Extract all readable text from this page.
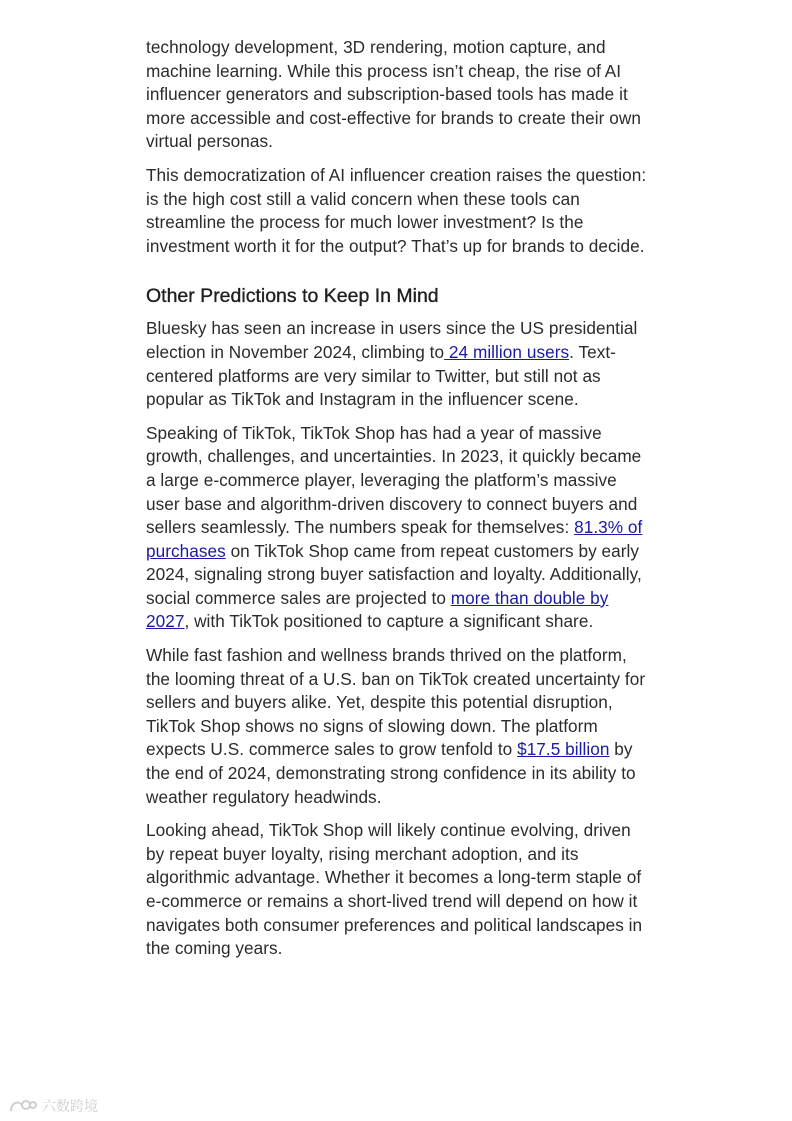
technology development, 3D rendering, motion capture, and machine learning. While this process isn’t cheap, the rise of AI influencer generators and subscription-based tools has made it more accessible and cost-effective for brands to create their own virtual personas.

This democratization of AI influencer creation raises the question: is the high cost still a valid concern when these tools can streamline the process for much lower investment? Is the investment worth it for the output? That’s up for brands to decide.

Other Predictions to Keep In Mind

Bluesky has seen an increase in users since the US presidential election in November 2024, climbing to 24 million users. Text-centered platforms are very similar to Twitter, but still not as popular as TikTok and Instagram in the influencer scene.

Speaking of TikTok, TikTok Shop has had a year of massive growth, challenges, and uncertainties. In 2023, it quickly became a large e-commerce player, leveraging the platform’s massive user base and algorithm-driven discovery to connect buyers and sellers seamlessly. The numbers speak for themselves: 81.3% of purchases on TikTok Shop came from repeat customers by early 2024, signaling strong buyer satisfaction and loyalty. Additionally, social commerce sales are projected to more than double by 2027, with TikTok positioned to capture a significant share.

While fast fashion and wellness brands thrived on the platform, the looming threat of a U.S. ban on TikTok created uncertainty for sellers and buyers alike. Yet, despite this potential disruption, TikTok Shop shows no signs of slowing down. The platform expects U.S. commerce sales to grow tenfold to $17.5 billion by the end of 2024, demonstrating strong confidence in its ability to weather regulatory headwinds.

Looking ahead, TikTok Shop will likely continue evolving, driven by repeat buyer loyalty, rising merchant adoption, and its algorithmic advantage. Whether it becomes a long-term staple of e-commerce or remains a short-lived trend will depend on how it navigates both consumer preferences and political landscapes in the coming years.

六数跨境
